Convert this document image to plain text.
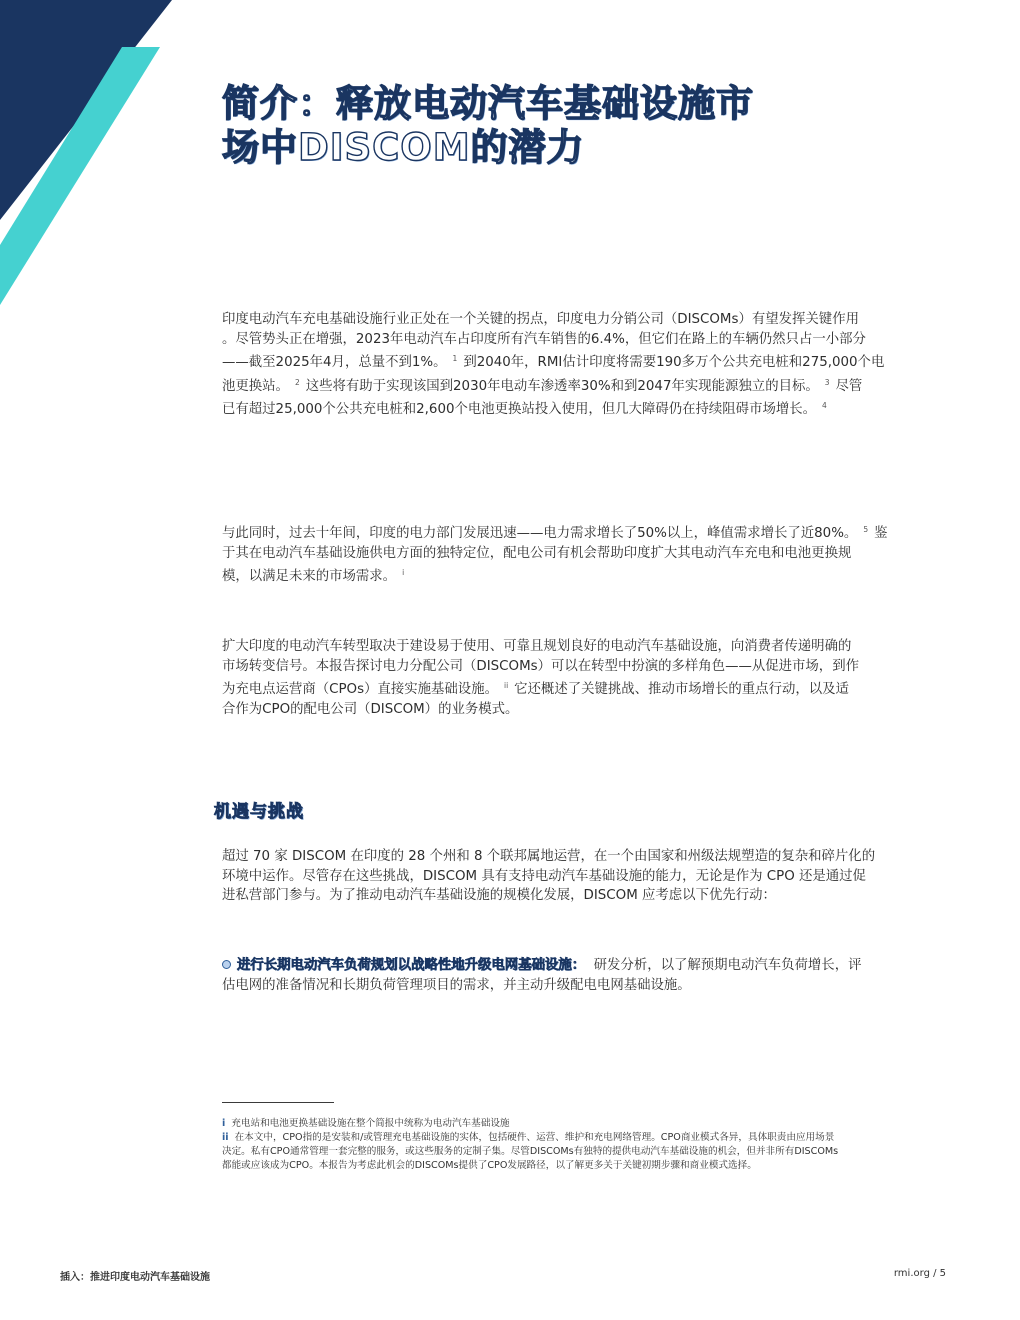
简介：释放电动汽车基础设施市
场中DISCOM的潜力
印度电动汽车充电基础设施行业正处在一个关键的拐点，印度电力分销公司（DISCOMs）有望发挥关键作用
。尽管势头正在增强，2023年电动汽车占印度所有汽车销售的6.4%，但它们在路上的车辆仍然只占一小部分
——截至2025年4月，总量不到1%。 $^1$ 到2040年，RMI估计印度将需要190多万个公共充电桩和275,000个电
池更换站。 $^2$ 这些将有助于实现该国到2030年电动车渗透率30%和到2047年实现能源独立的目标。 $^3$ 尽管
已有超过25,000个公共充电桩和2,600个电池更换站投入使用，但几大障碍仍在持续阻碍市场增长。 $^4$
与此同时，过去十年间，印度的电力部门发展迅速——电力需求增长了50%以上，峰值需求增长了近80%。 $^5$ 鉴
于其在电动汽车基础设施供电方面的独特定位，配电公司有机会帮助印度扩大其电动汽车充电和电池更换规
模，以满足未来的市场需求。 $^i$
扩大印度的电动汽车转型取决于建设易于使用、可靠且规划良好的电动汽车基础设施，向消费者传递明确的
市场转变信号。本报告探讨电力分配公司（DISCOMs）可以在转型中扮演的多样角色——从促进市场，到作
为充电点运营商（CPOs）直接实施基础设施。 $^{ii}$ 它还概述了关键挑战、推动市场增长的重点行动，以及适
合作为CPO的配电公司（DISCOM）的业务模式。
机遇与挑战
超过 70 家 DISCOM 在印度的 28 个州和 8 个联邦属地运营，在一个由国家和州级法规塑造的复杂和碎片化的
环境中运作。尽管存在这些挑战，DISCOM 具有支持电动汽车基础设施的能力，无论是作为 CPO 还是通过促
进私营部门参与。为了推动电动汽车基础设施的规模化发展，DISCOM 应考虑以下优先行动：
进行长期电动汽车负荷规划以战略性地升级电网基础设施： 研发分析，以了解预期电动汽车负荷增长，评
估电网的准备情况和长期负荷管理项目的需求，并主动升级配电电网基础设施。
i 充电站和电池更换基础设施在整个简报中统称为电动汽车基础设施
ii 在本文中，CPO指的是安装和/或管理充电基础设施的实体，包括硬件、运营、维护和充电网络管理。CPO商业模式各异，具体职责由应用场景
决定。私有CPO通常管理一套完整的服务，或这些服务的定制子集。尽管DISCOMs有独特的提供电动汽车基础设施的机会，但并非所有DISCOMs
都能或应该成为CPO。本报告为考虑此机会的DISCOMs提供了CPO发展路径，以了解更多关于关键初期步骤和商业模式选择。
插入：推进印度电动汽车基础设施	rmi.org / 5
